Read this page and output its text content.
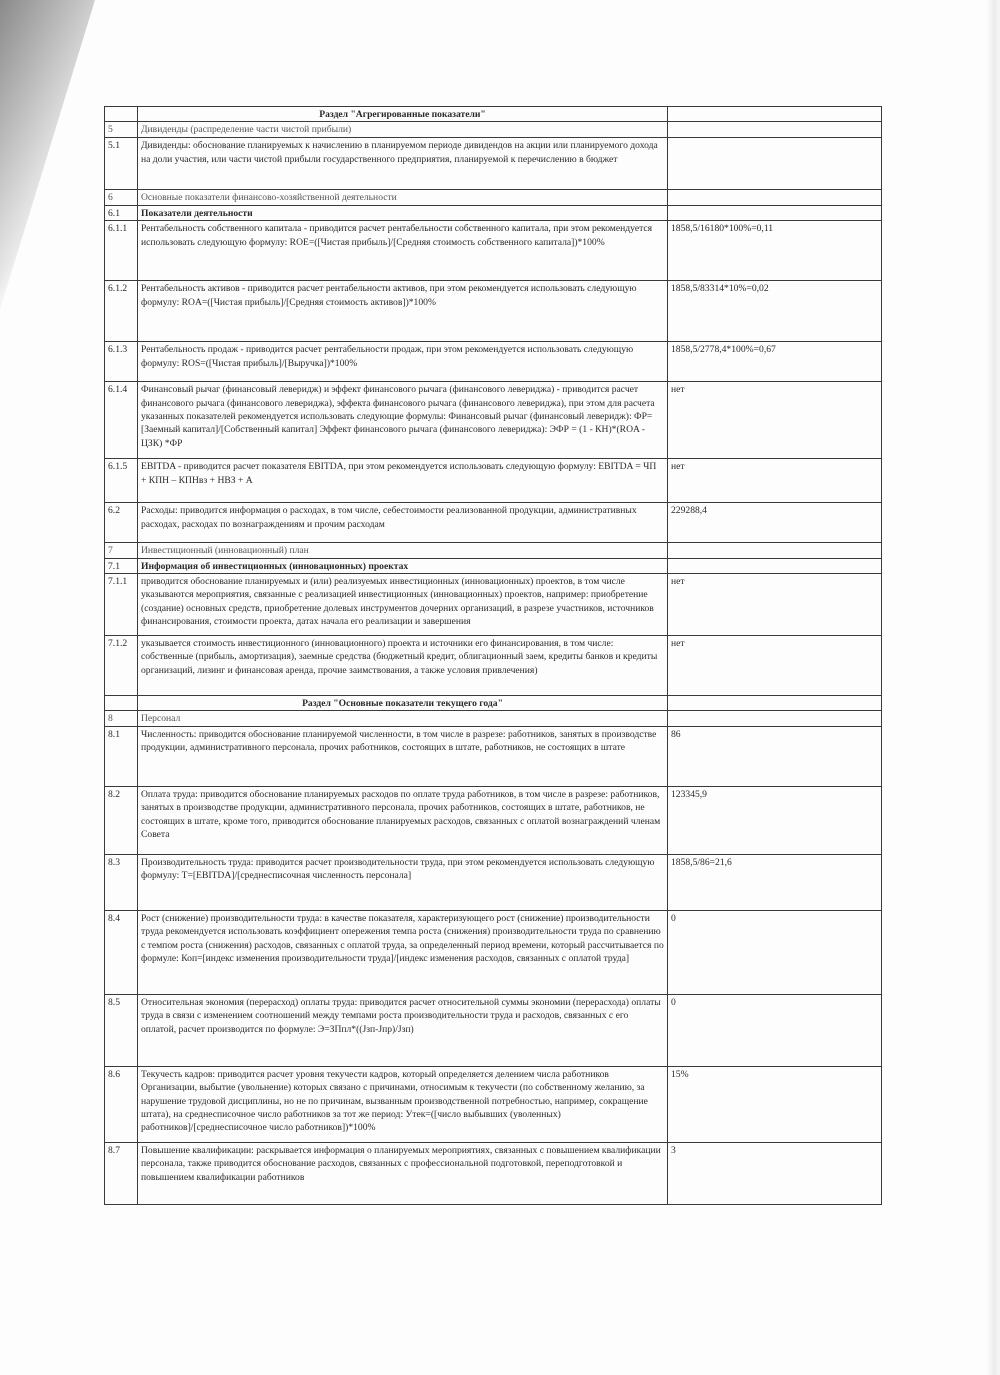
	Раздел "Агрегированные показатели"	
5	Дивиденды (распределение части чистой прибыли)	
5.1	Дивиденды: обоснование планируемых к начислению в планируемом периоде дивидендов на акции или планируемого дохода на доли участия, или части чистой прибыли государственного предприятия, планируемой к перечислению в бюджет	
6	Основные показатели финансово-хозяйственной деятельности	
6.1	Показатели деятельности	
6.1.1	Рентабельность собственного капитала - приводится расчет рентабельности собственного капитала, при этом рекомендуется использовать следующую формулу: ROE=([Чистая прибыль]/[Средняя стоимость собственного капитала])*100%	1858,5/16180*100%=0,11
6.1.2	Рентабельность активов - приводится расчет рентабельности активов, при этом рекомендуется использовать следующую формулу: ROA=([Чистая прибыль]/[Средняя стоимость активов])*100%	1858,5/83314*10%=0,02
6.1.3	Рентабельность продаж - приводится расчет рентабельности продаж, при этом рекомендуется использовать следующую формулу: ROS=([Чистая прибыль]/[Выручка])*100%	1858,5/2778,4*100%=0,67
6.1.4	Финансовый рычаг (финансовый левeридж) и эффект финансового рычага (финансового левериджа) - приводится расчет финансового рычага (финансового левериджа), эффекта финансового рычага (финансового левериджа), при этом для расчета указанных показателей рекомендуется использовать следующие формулы: Финансовый рычаг (финансовый леверидж): ФР=[Заемный капитал]/[Собственный капитал] Эффект финансового рычага (финансового левериджа): ЭФР = (1 - КН)*(ROA - ЦЗК) *ФР	нет
6.1.5	EBITDA - приводится расчет показателя EBITDA, при этом рекомендуется использовать следующую формулу: EBITDA = ЧП + КПН – КПНвз + НВЗ + А	нет
6.2	Расходы: приводится информация о расходах, в том числе, себестоимости реализованной продукции, административных расходах, расходах по вознаграждениям и прочим расходам	229288,4
7	Инвестиционный (инновационный) план	
7.1	Информация об инвестиционных (инновационных) проектах	
7.1.1	приводится обоснование планируемых и (или) реализуемых инвестиционных (инновационных) проектов, в том числе указываются мероприятия, связанные с реализацией инвестиционных (инновационных) проектов, например: приобретение (создание) основных средств, приобретение долевых инструментов дочерних организаций, в разрезе участников, источников финансирования, стоимости проекта, датах начала его реализации и завершения	нет
7.1.2	указывается стоимость инвестиционного (инновационного) проекта и источники его финансирования, в том числе: собственные (прибыль, амортизация), заемные средства (бюджетный кредит, облигационный заем, кредиты банков и кредиты организаций, лизинг и финансовая аренда, прочие заимствования, а также условия привлечения)	нет
	Раздел "Основные показатели текущего года"	
8	Персонал	
8.1	Численность: приводится обоснование планируемой численности, в том числе в разрезе: работников, занятых в производстве продукции, административного персонала, прочих работников, состоящих в штате, работников, не состоящих в штате	86
8.2	Оплата труда: приводится обоснование планируемых расходов по оплате труда работников, в том числе в разрезе: работников, занятых в производстве продукции, административного персонала, прочих работников, состоящих в штате, работников, не состоящих в штате, кроме того, приводится обоснование планируемых расходов, связанных с оплатой вознаграждений членам Совета	123345,9
8.3	Производительность труда: приводится расчет производительности труда, при этом рекомендуется использовать следующую формулу: T=[EBITDA]/[среднесписочная численность персонала]	1858,5/86=21,6
8.4	Рост (снижение) производительности труда: в качестве показателя, характеризующего рост (снижение) производительности труда рекомендуется использовать коэффициент опережения темпа роста (снижения) производительности труда по сравнению с темпом роста (снижения) расходов, связанных с оплатой труда, за определенный период времени, который рассчитывается по формуле: Коп=[индекс изменения производительности труда]/[индекс изменения расходов, связанных с оплатой труда]	0
8.5	Относительная экономия (перерасход) оплаты труда: приводится расчет относительной суммы экономии (перерасхода) оплаты труда в связи с изменением соотношений между темпами роста производительности труда и расходов, связанных с его оплатой, расчет производится по формуле: Э=ЗПпл*((Jзп-Jпр)/Jзп)	0
8.6	Текучесть кадров: приводится расчет уровня текучести кадров, который определяется делением числа работников Организации, выбытие (увольнение) которых связано с причинами, относимым к текучести (по собственному желанию, за нарушение трудовой дисциплины, но не по причинам, вызванным производственной потребностью, например, сокращение штата), на среднесписочное число работников за тот же период: Утек=([число выбывших (уволенных) работников]/[среднесписочное число работников])*100%	15%
8.7	Повышение квалификации: раскрывается информация о планируемых мероприятиях, связанных с повышением квалификации персонала, также приводится обоснование расходов, связанных с профессиональной подготовкой, переподготовкой и повышением квалификации работников	3
